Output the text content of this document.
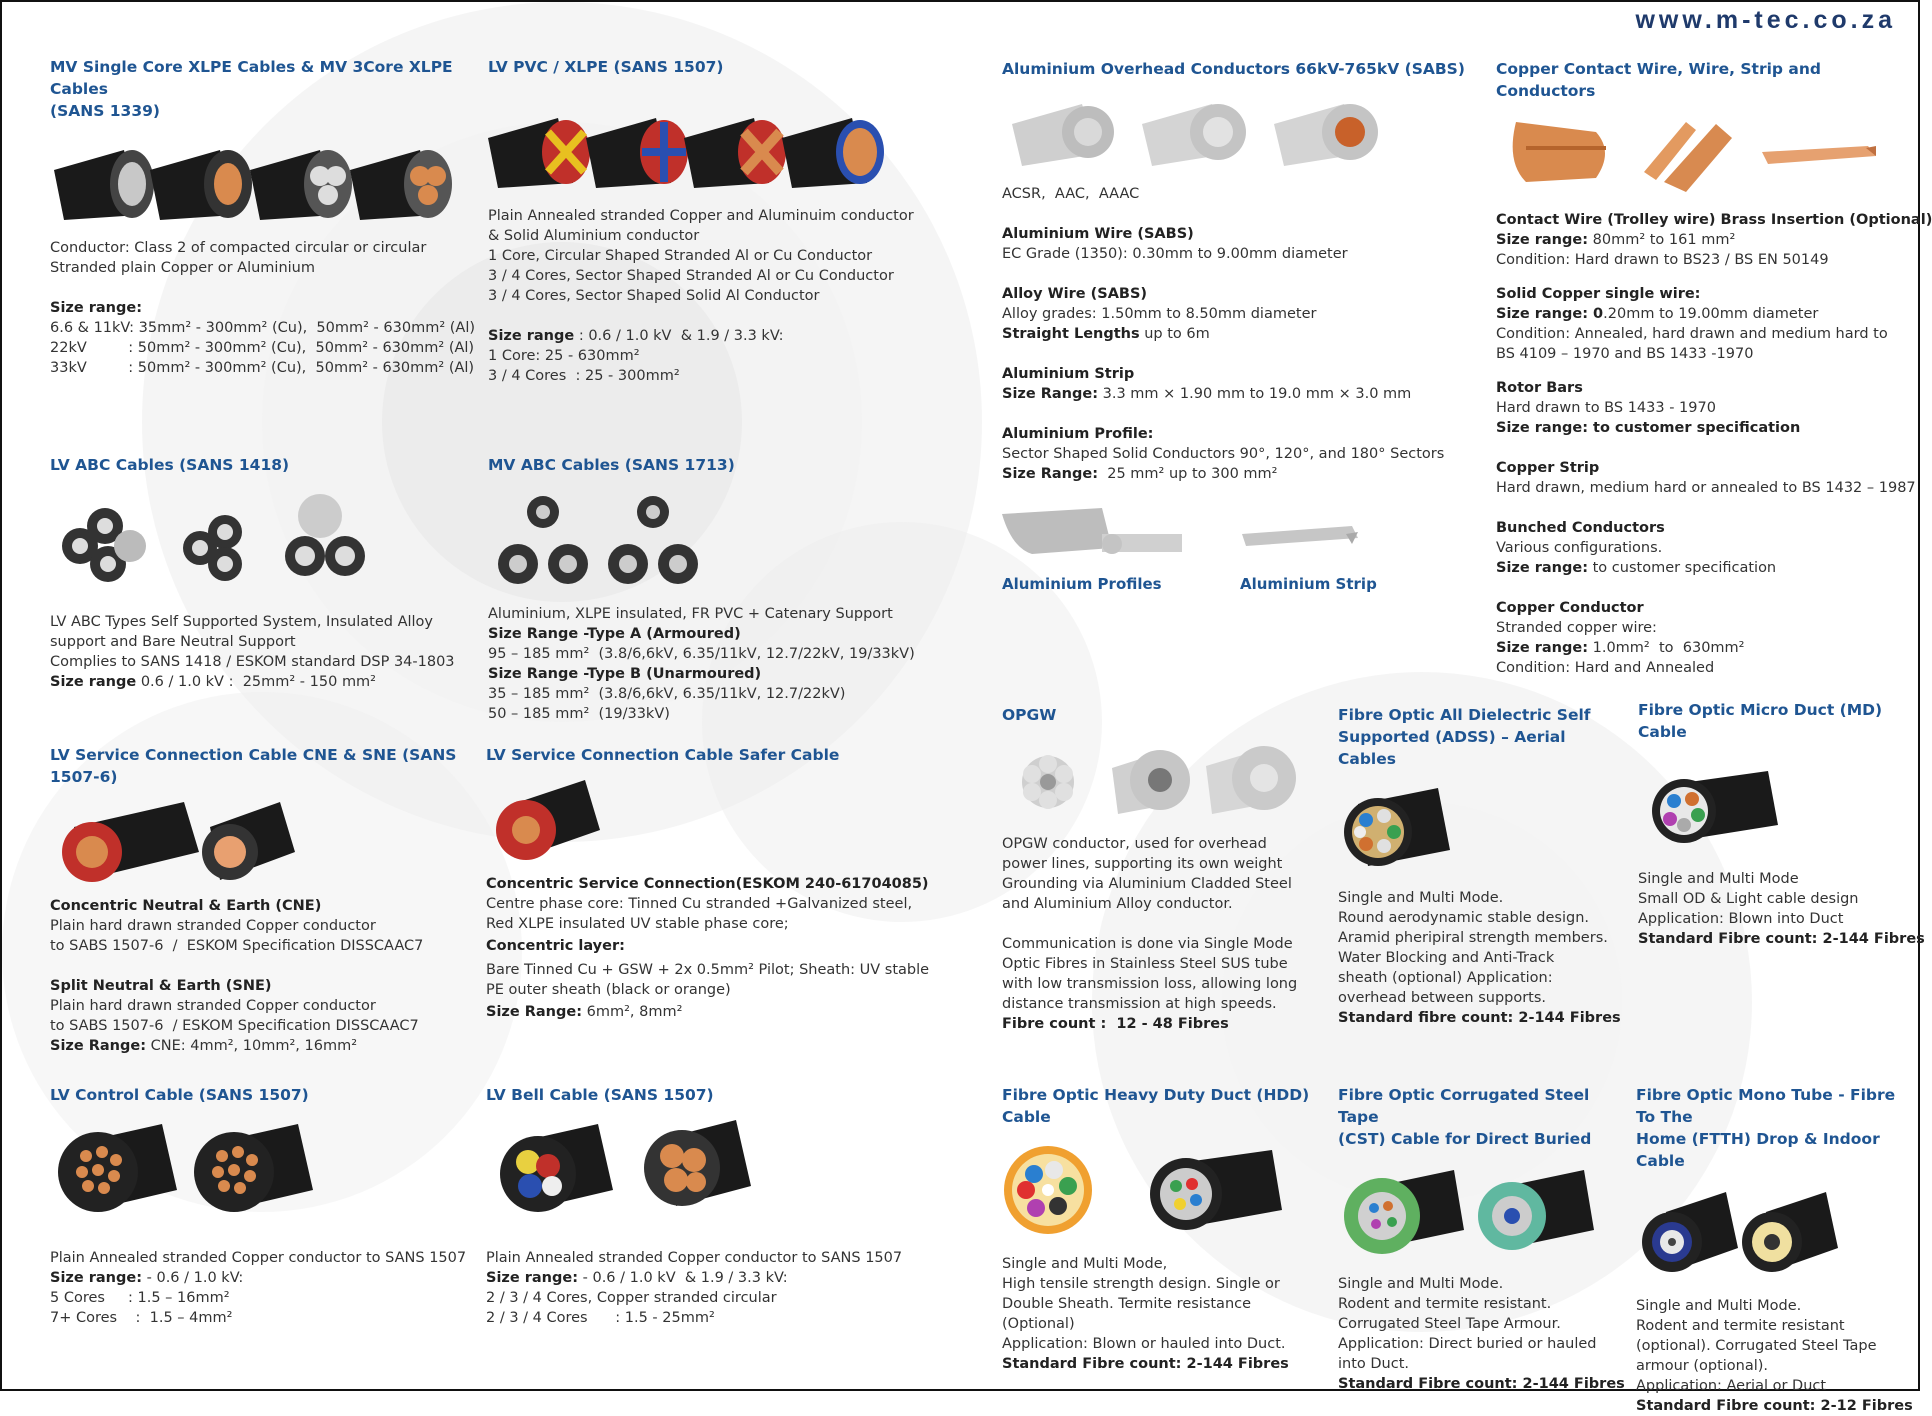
www.m-tec.co.za
MV Single Core XLPE Cables & MV 3Core XLPE Cables
(SANS 1339)

Conductor: Class 2 of compacted circular or circular

Stranded plain Copper or Aluminium

Size range:

6.6 & 11kV: 35mm² - 300mm² (Cu),  50mm² - 630mm² (Al)

22kV         : 50mm² - 300mm² (Cu),  50mm² - 630mm² (Al)

33kV         : 50mm² - 300mm² (Cu),  50mm² - 630mm² (Al)

LV PVC / XLPE (SANS 1507)

Plain Annealed stranded Copper and Aluminuim conductor

& Solid Aluminium conductor

1 Core, Circular Shaped Stranded Al or Cu Conductor

3 / 4 Cores, Sector Shaped Stranded Al or Cu Conductor

3 / 4 Cores, Sector Shaped Solid Al Conductor

Size range : 0.6 / 1.0 kV  & 1.9 / 3.3 kV:

1 Core: 25 - 630mm²

3 / 4 Cores  : 25 - 300mm²

LV ABC Cables (SANS 1418)

LV ABC Types Self Supported System, Insulated Alloy

support and Bare Neutral Support

Complies to SANS 1418 / ESKOM standard DSP 34-1803

Size range 0.6 / 1.0 kV :  25mm² - 150 mm²

MV ABC Cables (SANS 1713)

Aluminium, XLPE insulated, FR PVC + Catenary Support

Size Range -Type A (Armoured)

95 – 185 mm²  (3.8/6,6kV, 6.35/11kV, 12.7/22kV, 19/33kV)

Size Range -Type B (Unarmoured)

35 – 185 mm²  (3.8/6,6kV, 6.35/11kV, 12.7/22kV)

50 – 185 mm²  (19/33kV)

LV Service Connection Cable CNE & SNE (SANS 1507-6)

Concentric Neutral & Earth (CNE)

Plain hard drawn stranded Copper conductor

to SABS 1507-6  /  ESKOM Specification DISSCAAC7

Split Neutral & Earth (SNE)

Plain hard drawn stranded Copper conductor

to SABS 1507-6  / ESKOM Specification DISSCAAC7

Size Range: CNE: 4mm², 10mm², 16mm²

LV Service Connection Cable Safer Cable

Concentric Service Connection(ESKOM 240-61704085)

Centre phase core: Tinned Cu stranded +Galvanized steel,

Red XLPE insulated UV stable phase core;

Concentric layer:

Bare Tinned Cu + GSW + 2x 0.5mm² Pilot; Sheath: UV stable

PE outer sheath (black or orange)

Size Range: 6mm², 8mm²

LV Control Cable (SANS 1507)

Plain Annealed stranded Copper conductor to SANS 1507

Size range: - 0.6 / 1.0 kV:

5 Cores     : 1.5 – 16mm²

7+ Cores    :  1.5 – 4mm²

LV Bell Cable (SANS 1507)

Plain Annealed stranded Copper conductor to SANS 1507

Size range: - 0.6 / 1.0 kV  & 1.9 / 3.3 kV:

2 / 3 / 4 Cores, Copper stranded circular

2 / 3 / 4 Cores      : 1.5 - 25mm²

Aluminium Overhead Conductors 66kV-765kV (SABS)

ACSR,  AAC,  AAAC

Aluminium Wire (SABS)

EC Grade (1350): 0.30mm to 9.00mm diameter

Alloy Wire (SABS)

Alloy grades: 1.50mm to 8.50mm diameter

Straight Lengths up to 6m

Aluminium Strip

Size Range: 3.3 mm × 1.90 mm to 19.0 mm × 3.0 mm

Aluminium Profile:

Sector Shaped Solid Conductors 90°, 120°, and 180° Sectors

Size Range:  25 mm² up to 300 mm²

Aluminium Profiles	Aluminium Strip
Copper Contact Wire, Wire, Strip and Conductors

Contact Wire (Trolley wire) Brass Insertion (Optional)

Size range: 80mm² to 161 mm²

Condition: Hard drawn to BS23 / BS EN 50149

Solid Copper single wire:

Size range: 0.20mm to 19.00mm diameter

Condition: Annealed, hard drawn and medium hard to

BS 4109 – 1970 and BS 1433 -1970

Rotor Bars

Hard drawn to BS 1433 - 1970

Size range: to customer specification

Copper Strip

Hard drawn, medium hard or annealed to BS 1432 – 1987

Bunched Conductors

Various configurations.

Size range: to customer specification

Copper Conductor

Stranded copper wire:

Size range: 1.0mm²  to  630mm²

Condition: Hard and Annealed

OPGW

OPGW conductor, used for overhead

power lines, supporting its own weight

Grounding via Aluminium Cladded Steel

and Aluminium Alloy conductor.

Communication is done via Single Mode

Optic Fibres in Stainless Steel SUS tube

with low transmission loss, allowing long

distance transmission at high speeds.

Fibre count :  12 - 48 Fibres

Fibre Optic All Dielectric Self
Supported (ADSS) – Aerial Cables

Single and Multi Mode.

Round aerodynamic stable design.

Aramid pheripiral strength members.

Water Blocking and Anti-Track

sheath (optional) Application:

overhead between supports.

Standard fibre count: 2-144 Fibres

Fibre Optic Micro Duct (MD) Cable

Single and Multi Mode

Small OD & Light cable design

Application: Blown into Duct

Standard Fibre count: 2-144 Fibres

Fibre Optic Heavy Duty Duct (HDD) Cable

Single and Multi Mode,

High tensile strength design. Single or

Double Sheath. Termite resistance

(Optional)

Application: Blown or hauled into Duct.

Standard Fibre count: 2-144 Fibres

Fibre Optic Corrugated Steel Tape
(CST) Cable for Direct Buried

Single and Multi Mode.

Rodent and termite resistant.

Corrugated Steel Tape Armour.

Application: Direct buried or hauled

into Duct.

Standard Fibre count: 2-144 Fibres

Fibre Optic Mono Tube - Fibre To The
Home (FTTH) Drop & Indoor Cable

Single and Multi Mode.

Rodent and termite resistant

(optional). Corrugated Steel Tape

armour (optional).

Application: Aerial or Duct

Standard Fibre count: 2-12 Fibres
